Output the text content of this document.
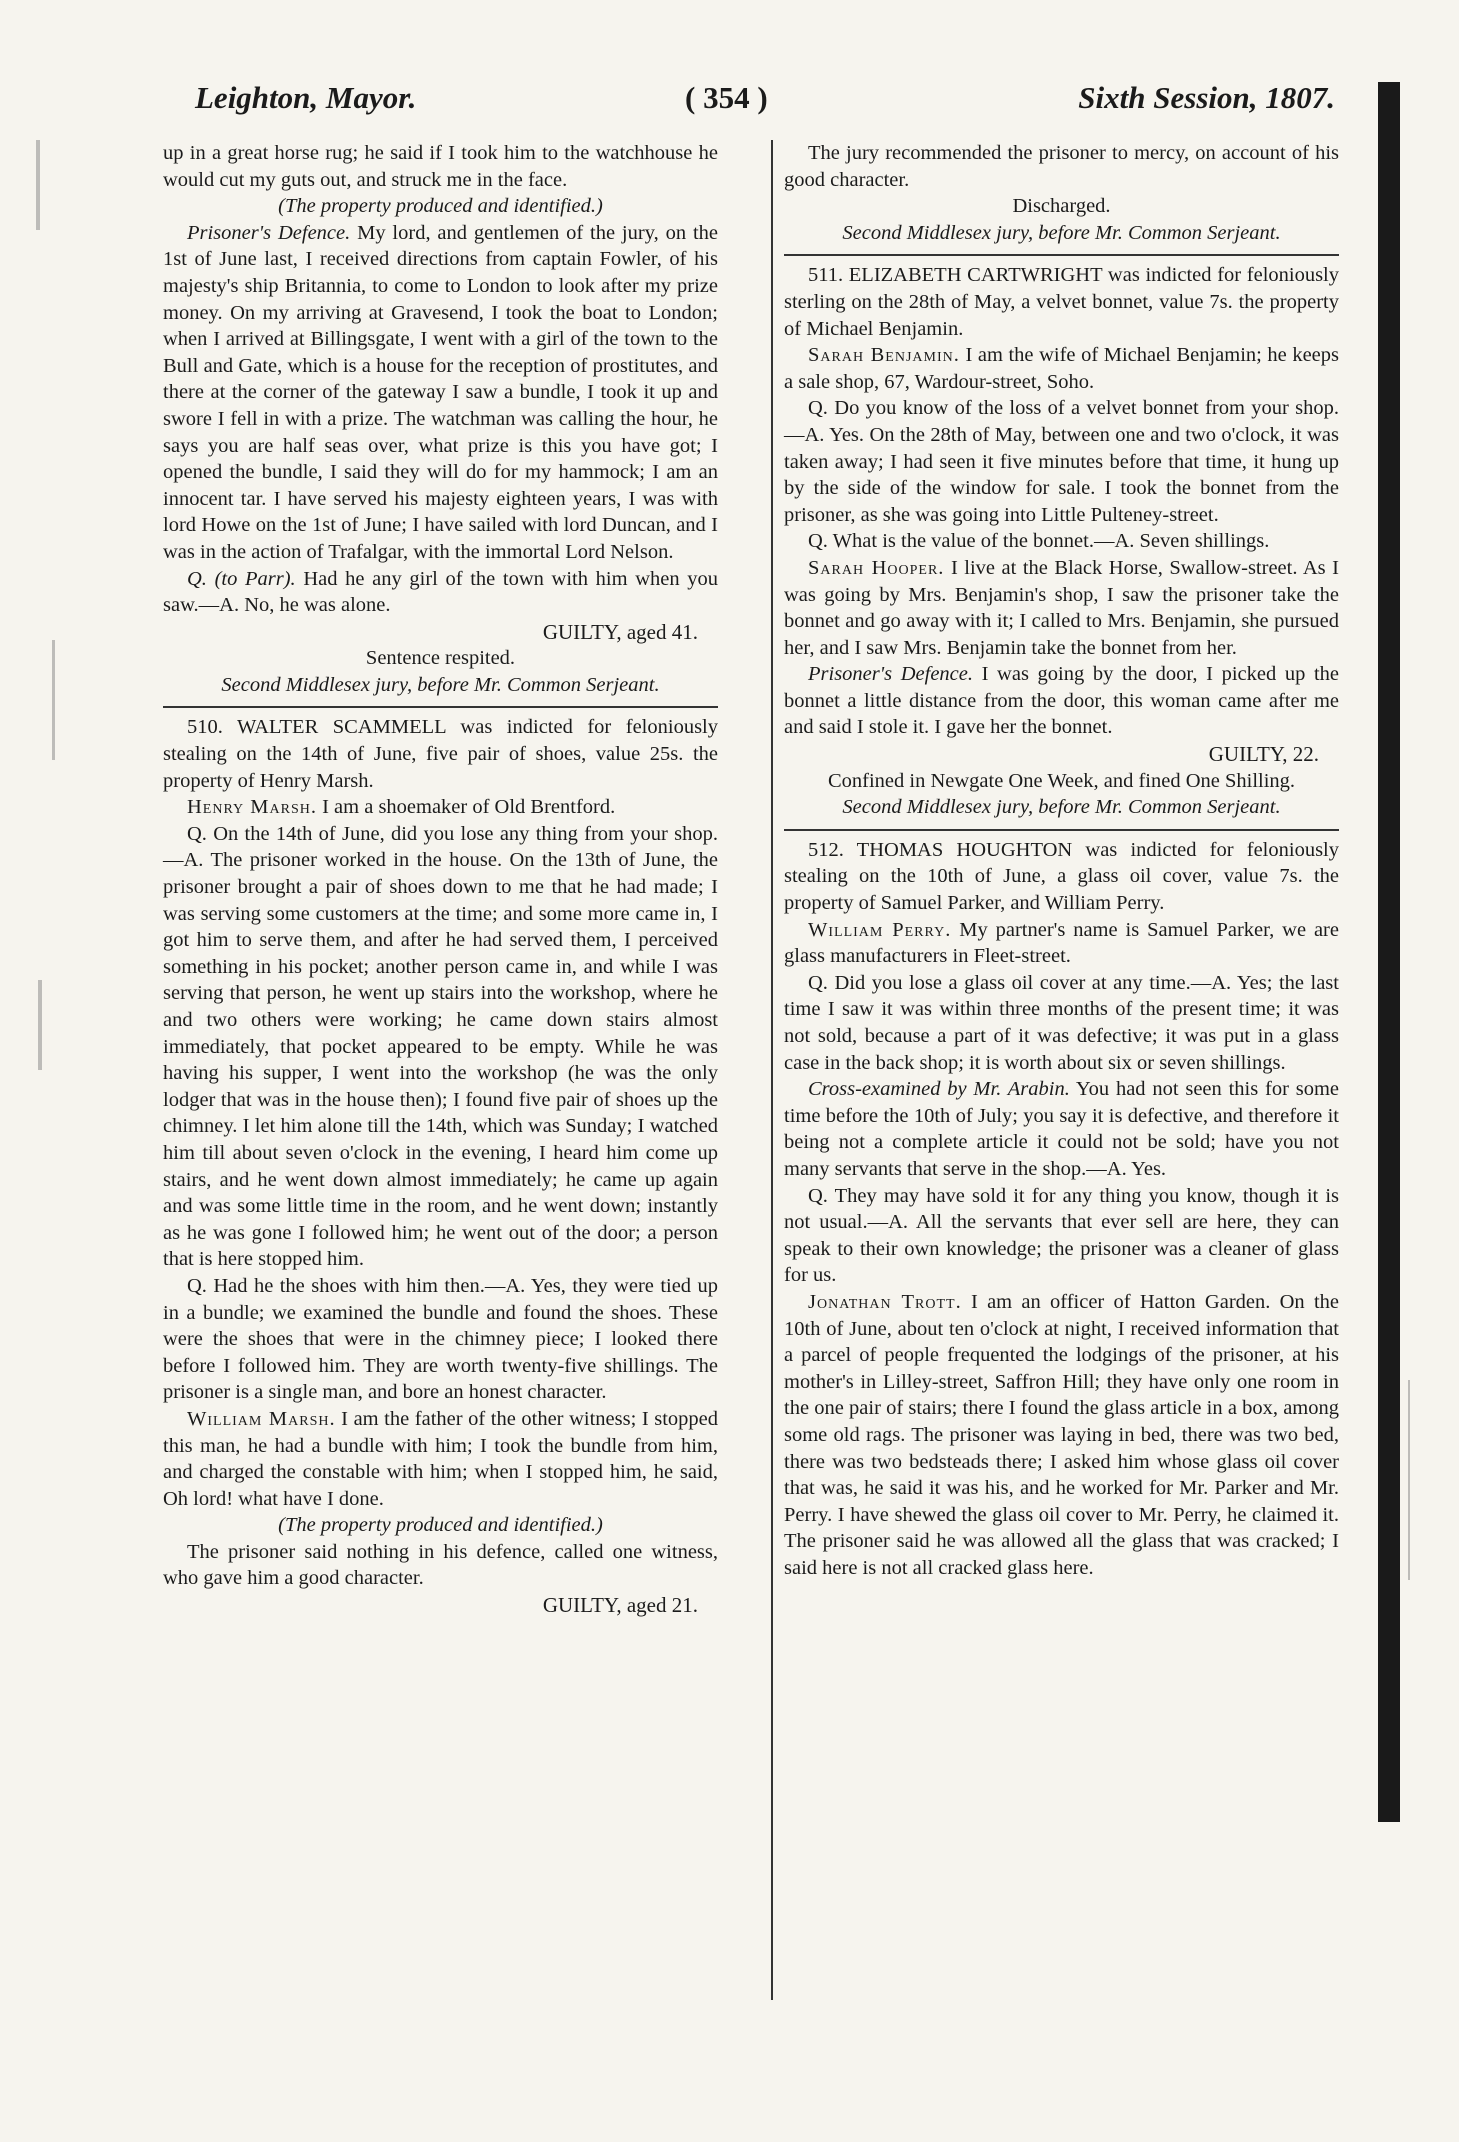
Leighton, Mayor.	( 354 )	Sixth Session, 1807.

up in a great horse rug; he said if I took him to the watchhouse he would cut my guts out, and struck me in the face.

(The property produced and identified.)

Prisoner's Defence. My lord, and gentlemen of the jury, on the 1st of June last, I received directions from captain Fowler, of his majesty's ship Britannia, to come to London to look after my prize money. On my arriving at Gravesend, I took the boat to London; when I arrived at Billingsgate, I went with a girl of the town to the Bull and Gate, which is a house for the reception of prostitutes, and there at the corner of the gateway I saw a bundle, I took it up and swore I fell in with a prize. The watchman was calling the hour, he says you are half seas over, what prize is this you have got; I opened the bundle, I said they will do for my hammock; I am an innocent tar. I have served his majesty eighteen years, I was with lord Howe on the 1st of June; I have sailed with lord Duncan, and I was in the action of Trafalgar, with the immortal Lord Nelson.

Q. (to Parr). Had he any girl of the town with him when you saw.—A. No, he was alone.

GUILTY, aged 41.

Sentence respited.

Second Middlesex jury, before Mr. Common Serjeant.

510. WALTER SCAMMELL was indicted for feloniously stealing on the 14th of June, five pair of shoes, value 25s. the property of Henry Marsh.

Henry Marsh. I am a shoemaker of Old Brentford.

Q. On the 14th of June, did you lose any thing from your shop.—A. The prisoner worked in the house. On the 13th of June, the prisoner brought a pair of shoes down to me that he had made; I was serving some customers at the time; and some more came in, I got him to serve them, and after he had served them, I perceived something in his pocket; another person came in, and while I was serving that person, he went up stairs into the workshop, where he and two others were working; he came down stairs almost immediately, that pocket appeared to be empty. While he was having his supper, I went into the workshop (he was the only lodger that was in the house then); I found five pair of shoes up the chimney. I let him alone till the 14th, which was Sunday; I watched him till about seven o'clock in the evening, I heard him come up stairs, and he went down almost immediately; he came up again and was some little time in the room, and he went down; instantly as he was gone I followed him; he went out of the door; a person that is here stopped him.

Q. Had he the shoes with him then.—A. Yes, they were tied up in a bundle; we examined the bundle and found the shoes. These were the shoes that were in the chimney piece; I looked there before I followed him. They are worth twenty-five shillings. The prisoner is a single man, and bore an honest character.

William Marsh. I am the father of the other witness; I stopped this man, he had a bundle with him; I took the bundle from him, and charged the constable with him; when I stopped him, he said, Oh lord! what have I done.

(The property produced and identified.)

The prisoner said nothing in his defence, called one witness, who gave him a good character.

GUILTY, aged 21.

The jury recommended the prisoner to mercy, on account of his good character.

Discharged.

Second Middlesex jury, before Mr. Common Serjeant.

511. ELIZABETH CARTWRIGHT was indicted for feloniously sterling on the 28th of May, a velvet bonnet, value 7s. the property of Michael Benjamin.

Sarah Benjamin. I am the wife of Michael Benjamin; he keeps a sale shop, 67, Wardour-street, Soho.

Q. Do you know of the loss of a velvet bonnet from your shop.—A. Yes. On the 28th of May, between one and two o'clock, it was taken away; I had seen it five minutes before that time, it hung up by the side of the window for sale. I took the bonnet from the prisoner, as she was going into Little Pulteney-street.

Q. What is the value of the bonnet.—A. Seven shillings.

Sarah Hooper. I live at the Black Horse, Swallow-street. As I was going by Mrs. Benjamin's shop, I saw the prisoner take the bonnet and go away with it; I called to Mrs. Benjamin, she pursued her, and I saw Mrs. Benjamin take the bonnet from her.

Prisoner's Defence. I was going by the door, I picked up the bonnet a little distance from the door, this woman came after me and said I stole it. I gave her the bonnet.

GUILTY, 22.

Confined in Newgate One Week, and fined One Shilling.

Second Middlesex jury, before Mr. Common Serjeant.

512. THOMAS HOUGHTON was indicted for feloniously stealing on the 10th of June, a glass oil cover, value 7s. the property of Samuel Parker, and William Perry.

William Perry. My partner's name is Samuel Parker, we are glass manufacturers in Fleet-street.

Q. Did you lose a glass oil cover at any time.—A. Yes; the last time I saw it was within three months of the present time; it was not sold, because a part of it was defective; it was put in a glass case in the back shop; it is worth about six or seven shillings.

Cross-examined by Mr. Arabin. You had not seen this for some time before the 10th of July; you say it is defective, and therefore it being not a complete article it could not be sold; have you not many servants that serve in the shop.—A. Yes.

Q. They may have sold it for any thing you know, though it is not usual.—A. All the servants that ever sell are here, they can speak to their own knowledge; the prisoner was a cleaner of glass for us.

Jonathan Trott. I am an officer of Hatton Garden. On the 10th of June, about ten o'clock at night, I received information that a parcel of people frequented the lodgings of the prisoner, at his mother's in Lilley-street, Saffron Hill; they have only one room in the one pair of stairs; there I found the glass article in a box, among some old rags. The prisoner was laying in bed, there was two bed, there was two bedsteads there; I asked him whose glass oil cover that was, he said it was his, and he worked for Mr. Parker and Mr. Perry. I have shewed the glass oil cover to Mr. Perry, he claimed it. The prisoner said he was allowed all the glass that was cracked; I said here is not all cracked glass here.
